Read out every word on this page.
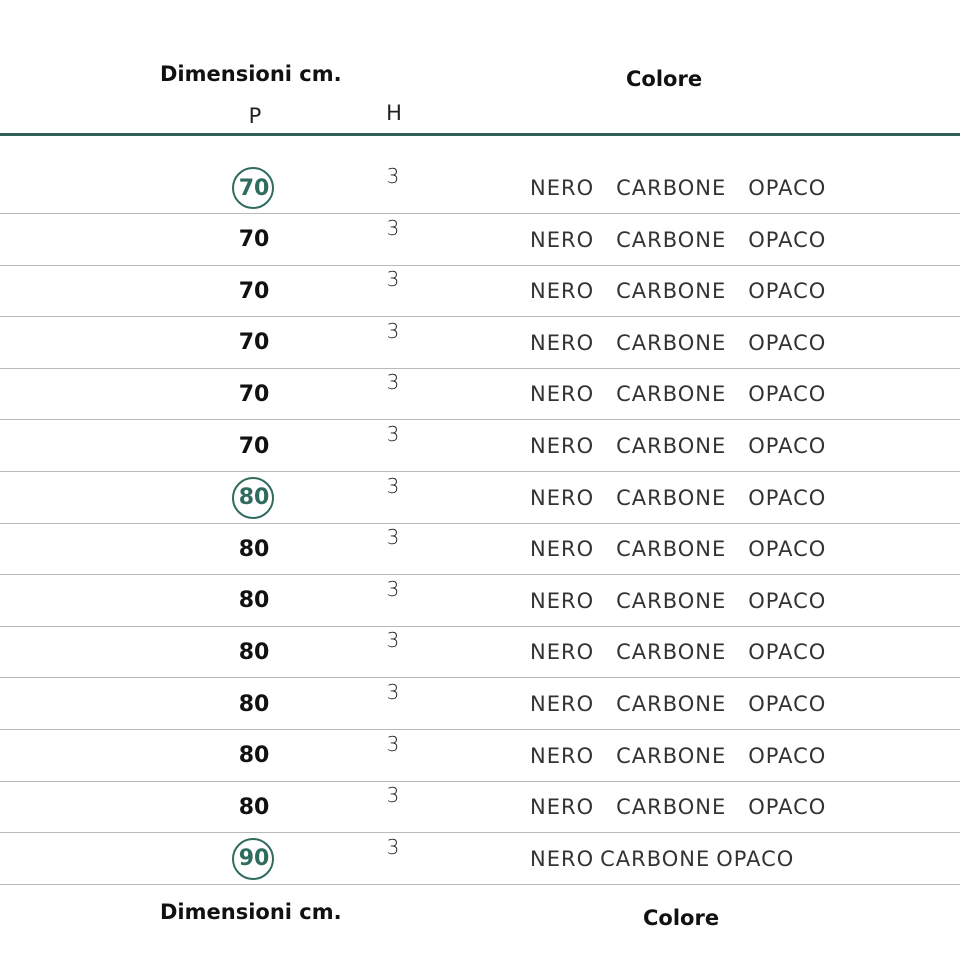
Dimensioni cm.
P	H
Colore
70	3	NERO CARBONE OPACO
70	3	NERO CARBONE OPACO
70	3	NERO CARBONE OPACO
70	3	NERO CARBONE OPACO
70	3	NERO CARBONE OPACO
70	3	NERO CARBONE OPACO
80	3	NERO CARBONE OPACO
80	3	NERO CARBONE OPACO
80	3	NERO CARBONE OPACO
80	3	NERO CARBONE OPACO
80	3	NERO CARBONE OPACO
80	3	NERO CARBONE OPACO
80	3	NERO CARBONE OPACO
90	3	NERO CARBONE OPACO
Dimensioni cm.	Colore
